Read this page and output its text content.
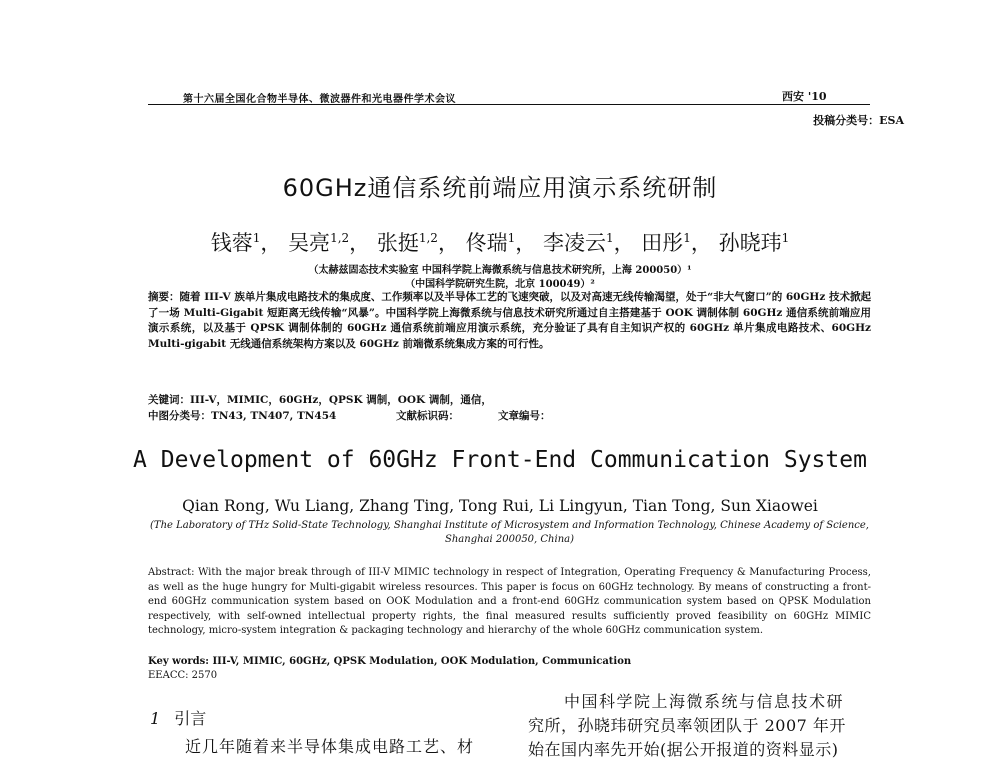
第十六届全国化合物半导体、微波器件和光电器件学术会议	西安 '10
投稿分类号：ESA
60GHz通信系统前端应用演示系统研制
钱蓉$^1$， 吴亮$^{1,2}$， 张挺$^{1,2}$， 佟瑞$^1$， 李凌云$^1$， 田彤$^1$， 孙晓玮$^1$
（太赫兹固态技术实验室 中国科学院上海微系统与信息技术研究所，上海 200050）¹
（中国科学院研究生院，北京 100049）²
摘要：随着 III-V 族单片集成电路技术的集成度、工作频率以及半导体工艺的飞速突破，以及对高速无线传输渴望，处于“非大气窗口”的 60GHz 技术掀起了一场 Multi-Gigabit 短距离无线传输“风暴”。中国科学院上海微系统与信息技术研究所通过自主搭建基于 OOK 调制体制 60GHz 通信系统前端应用演示系统，以及基于 QPSK 调制体制的 60GHz 通信系统前端应用演示系统，充分验证了具有自主知识产权的 60GHz 单片集成电路技术、60GHz Multi-gigabit 无线通信系统架构方案以及 60GHz 前端微系统集成方案的可行性。
关键词：III-V，MIMIC，60GHz，QPSK 调制，OOK 调制，通信，
中图分类号：TN43, TN407, TN454	文献标识码：	文章编号：
A Development of 60GHz Front-End Communication System
Qian Rong, Wu Liang, Zhang Ting, Tong Rui, Li Lingyun, Tian Tong, Sun Xiaowei
(The Laboratory of THz Solid-State Technology, Shanghai Institute of Microsystem and Information Technology, Chinese Academy of Science, Shanghai 200050, China)
Abstract: With the major break through of III-V MIMIC technology in respect of Integration, Operating Frequency & Manufacturing Process, as well as the huge hungry for Multi-gigabit wireless resources. This paper is focus on 60GHz technology. By means of constructing a front-end 60GHz communication system based on OOK Modulation and a front-end 60GHz communication system based on QPSK Modulation respectively, with self-owned intellectual property rights, the final measured results sufficiently proved feasibility on 60GHz MIMIC technology, micro-system integration & packaging technology and hierarchy of the whole 60GHz communication system.
Key words: III-V, MIMIC, 60GHz, QPSK Modulation, OOK Modulation, Communication
EEACC: 2570
1 引言
近几年随着来半导体集成电路工艺、材
中国科学院上海微系统与信息技术研
究所，孙晓玮研究员率领团队于 2007 年开
始在国内率先开始(据公开报道的资料显示)
